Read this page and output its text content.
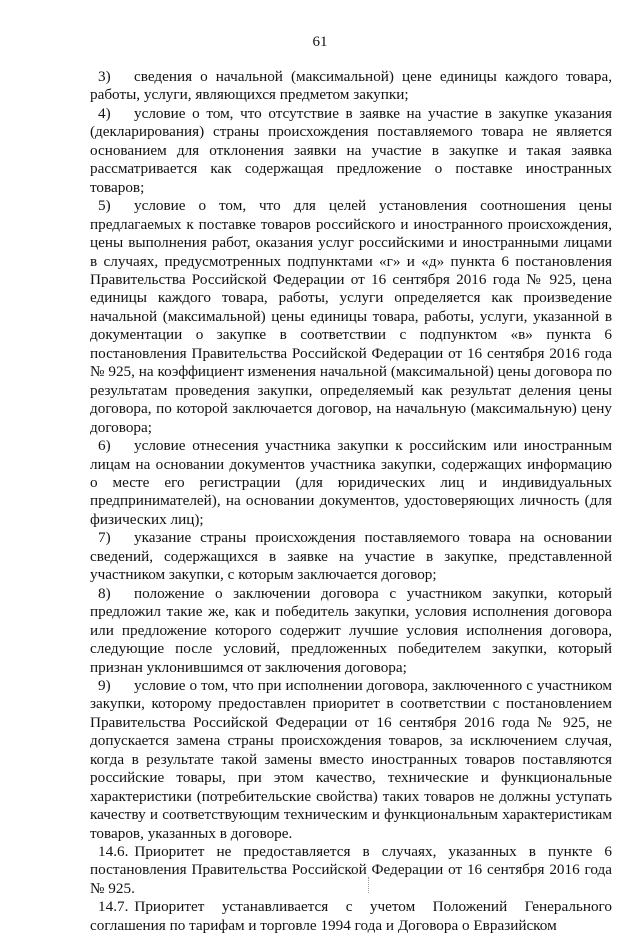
61

3) сведения о начальной (максимальной) цене единицы каждого товара, работы, услуги, являющихся предметом закупки;

4) условие о том, что отсутствие в заявке на участие в закупке указания (декларирования) страны происхождения поставляемого товара не является основанием для отклонения заявки на участие в закупке и такая заявка рассматривается как содержащая предложение о поставке иностранных товаров;

5) условие о том, что для целей установления соотношения цены предлагаемых к поставке товаров российского и иностранного происхождения, цены выполнения работ, оказания услуг российскими и иностранными лицами в случаях, предусмотренных подпунктами «г» и «д» пункта 6 постановления Правительства Российской Федерации от 16 сентября 2016 года № 925, цена единицы каждого товара, работы, услуги определяется как произведение начальной (максимальной) цены единицы товара, работы, услуги, указанной в документации о закупке в соответствии с подпунктом «в» пункта 6 постановления Правительства Российской Федерации от 16 сентября 2016 года № 925, на коэффициент изменения начальной (максимальной) цены договора по результатам проведения закупки, определяемый как результат деления цены договора, по которой заключается договор, на начальную (максимальную) цену договора;

6) условие отнесения участника закупки к российским или иностранным лицам на основании документов участника закупки, содержащих информацию о месте его регистрации (для юридических лиц и индивидуальных предпринимателей), на основании документов, удостоверяющих личность (для физических лиц);

7) указание страны происхождения поставляемого товара на основании сведений, содержащихся в заявке на участие в закупке, представленной участником закупки, с которым заключается договор;

8) положение о заключении договора с участником закупки, который предложил такие же, как и победитель закупки, условия исполнения договора или предложение которого содержит лучшие условия исполнения договора, следующие после условий, предложенных победителем закупки, который признан уклонившимся от заключения договора;

9) условие о том, что при исполнении договора, заключенного с участником закупки, которому предоставлен приоритет в соответствии с постановлением Правительства Российской Федерации от 16 сентября 2016 года № 925, не допускается замена страны происхождения товаров, за исключением случая, когда в результате такой замены вместо иностранных товаров поставляются российские товары, при этом качество, технические и функциональные характеристики (потребительские свойства) таких товаров не должны уступать качеству и соответствующим техническим и функциональным характеристикам товаров, указанных в договоре.

14.6. Приоритет не предоставляется в случаях, указанных в пункте 6 постановления Правительства Российской Федерации от 16 сентября 2016 года № 925.

14.7. Приоритет устанавливается с учетом Положений Генерального соглашения по тарифам и торговле 1994 года и Договора о Евразийском
